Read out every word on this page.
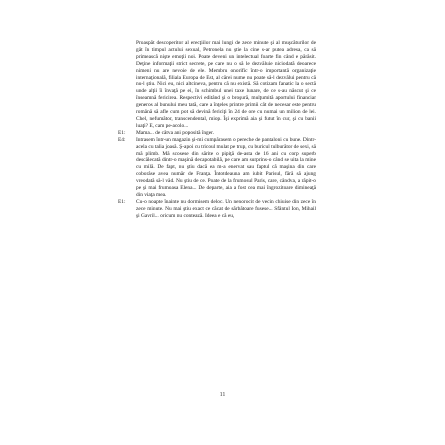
Proaspăt descoperitor al erecţiilor mai lungi de zece minute şi al muşcăturilor de gât în timpul actului sexual, Petronela nu ştie la cine s-ar putea adresa, ca să primească nişte emoţii noi. Poate deveni un intelectual foarte fin când e părăsit. Deţine informaţii strict secrete, pe care nu o să le dezvăluie niciodată deoarece nimeni nu are nevoie de ele. Membru onorific într-o importantă organizaţie internaţională, filiala Europa de Est, al cărei nume nu poate să-l dezvălui pentru că nu-l ştiu. Nici eu, nici altcineva, pentru că nu există. Să cotizam fanatic la o sectă unde alţii îi învaţă pe ei, în schimbul unei taxe lunare, de ce s-au născut şi ce înseamnă fericirea. Respectivi editând şi o broşură, mulţumită aportului financiar generos al bunului meu tată, care a înţeles printre primii cât de necesar este pentru română să afle cum pot să devină fericiţi în 24 de ore cu numai un milion de lei. Chel, nefumător, transcendental, miop. Îşi exprimă aia şi futut în cur, şi cu banii luaţi? E, cam pe-acolo...

E1: Mama... de câtva ani poposită înger.

E4: Intrasem într-un magazin şi-mi cumpărasem o pereche de pantaloni cu bune. Dintr-acela cu talia joasă. Ş-apoi cu tricoul mulat pe trup, cu buricul tulburător de sexi, să mă plimb. Mă scosese din sărite o pipiţă de-asta de 16 ani cu corp superb descălecată dintr-o maşină decapotabilă, pe care am surprins-o când se uita la mine cu milă. De fapt, nu ştiu dacă ea m-a enervat sau faptul că maşina din care coborâse avea număr de Franţa. Întotdeauna am iubit Parisul, fără să ajung vreodată să-l văd. Nu ştiu de ce. Poate de la frumosul Paris, care, cândva, a răpit-o pe şi mai frumoasa Elena... De departe, aia a fost cea mai îngrozitoare dimineaţă din viaţa mea.

E1: Cu-o noapte înainte nu dormisem deloc. Un nenorocit de vecin chiuise din zece în zece minute. Nu mai ştiu exact ce căcat de sărbătoare fusese... Sfântul Ion, Mihail şi Gavril... oricum nu contează. Ideea e că eu,

11
